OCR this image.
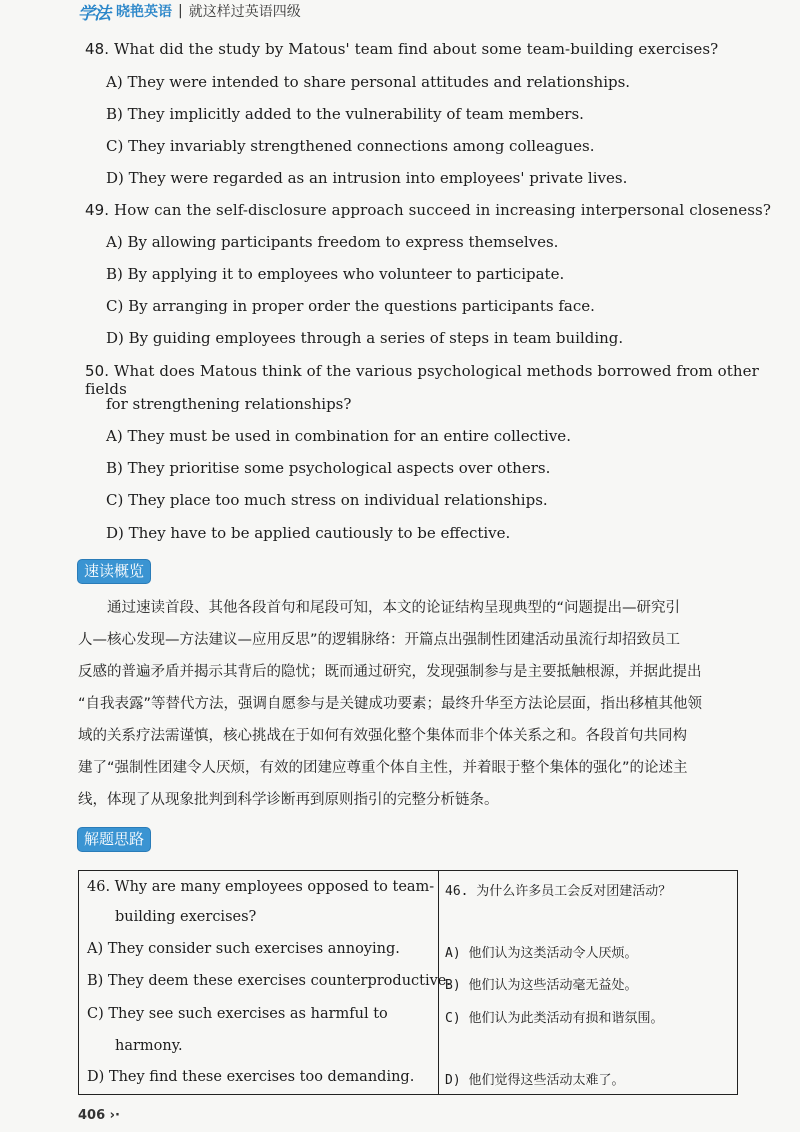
学法 晓艳英语 | 就这样过英语四级
48. What did the study by Matous' team find about some team-building exercises?
A) They were intended to share personal attitudes and relationships.
B) They implicitly added to the vulnerability of team members.
C) They invariably strengthened connections among colleagues.
D) They were regarded as an intrusion into employees' private lives.
49. How can the self-disclosure approach succeed in increasing interpersonal closeness?
A) By allowing participants freedom to express themselves.
B) By applying it to employees who volunteer to participate.
C) By arranging in proper order the questions participants face.
D) By guiding employees through a series of steps in team building.
50. What does Matous think of the various psychological methods borrowed from other fields
for strengthening relationships?
A) They must be used in combination for an entire collective.
B) They prioritise some psychological aspects over others.
C) They place too much stress on individual relationships.
D) They have to be applied cautiously to be effective.
速读概览
　　通过速读首段、其他各段首句和尾段可知，本文的论证结构呈现典型的“问题提出—研究引
人—核心发现—方法建议—应用反思”的逻辑脉络：开篇点出强制性团建活动虽流行却招致员工
反感的普遍矛盾并揭示其背后的隐忧；既而通过研究，发现强制参与是主要抵触根源，并据此提出
“自我表露”等替代方法，强调自愿参与是关键成功要素；最终升华至方法论层面，指出移植其他领
域的关系疗法需谨慎，核心挑战在于如何有效强化整个集体而非个体关系之和。各段首句共同构
建了“强制性团建令人厌烦，有效的团建应尊重个体自主性，并着眼于整个集体的强化”的论述主
线，体现了从现象批判到科学诊断再到原则指引的完整分析链条。
解题思路
46. Why are many employees opposed to team-
building exercises?
A) They consider such exercises annoying.
B) They deem these exercises counterproductive.
C) They see such exercises as harmful to
harmony.
D) They find these exercises too demanding.
46. 为什么许多员工会反对团建活动？
A) 他们认为这类活动令人厌烦。
B) 他们认为这些活动毫无益处。
C) 他们认为此类活动有损和谐氛围。
D) 他们觉得这些活动太难了。
406 ›·
